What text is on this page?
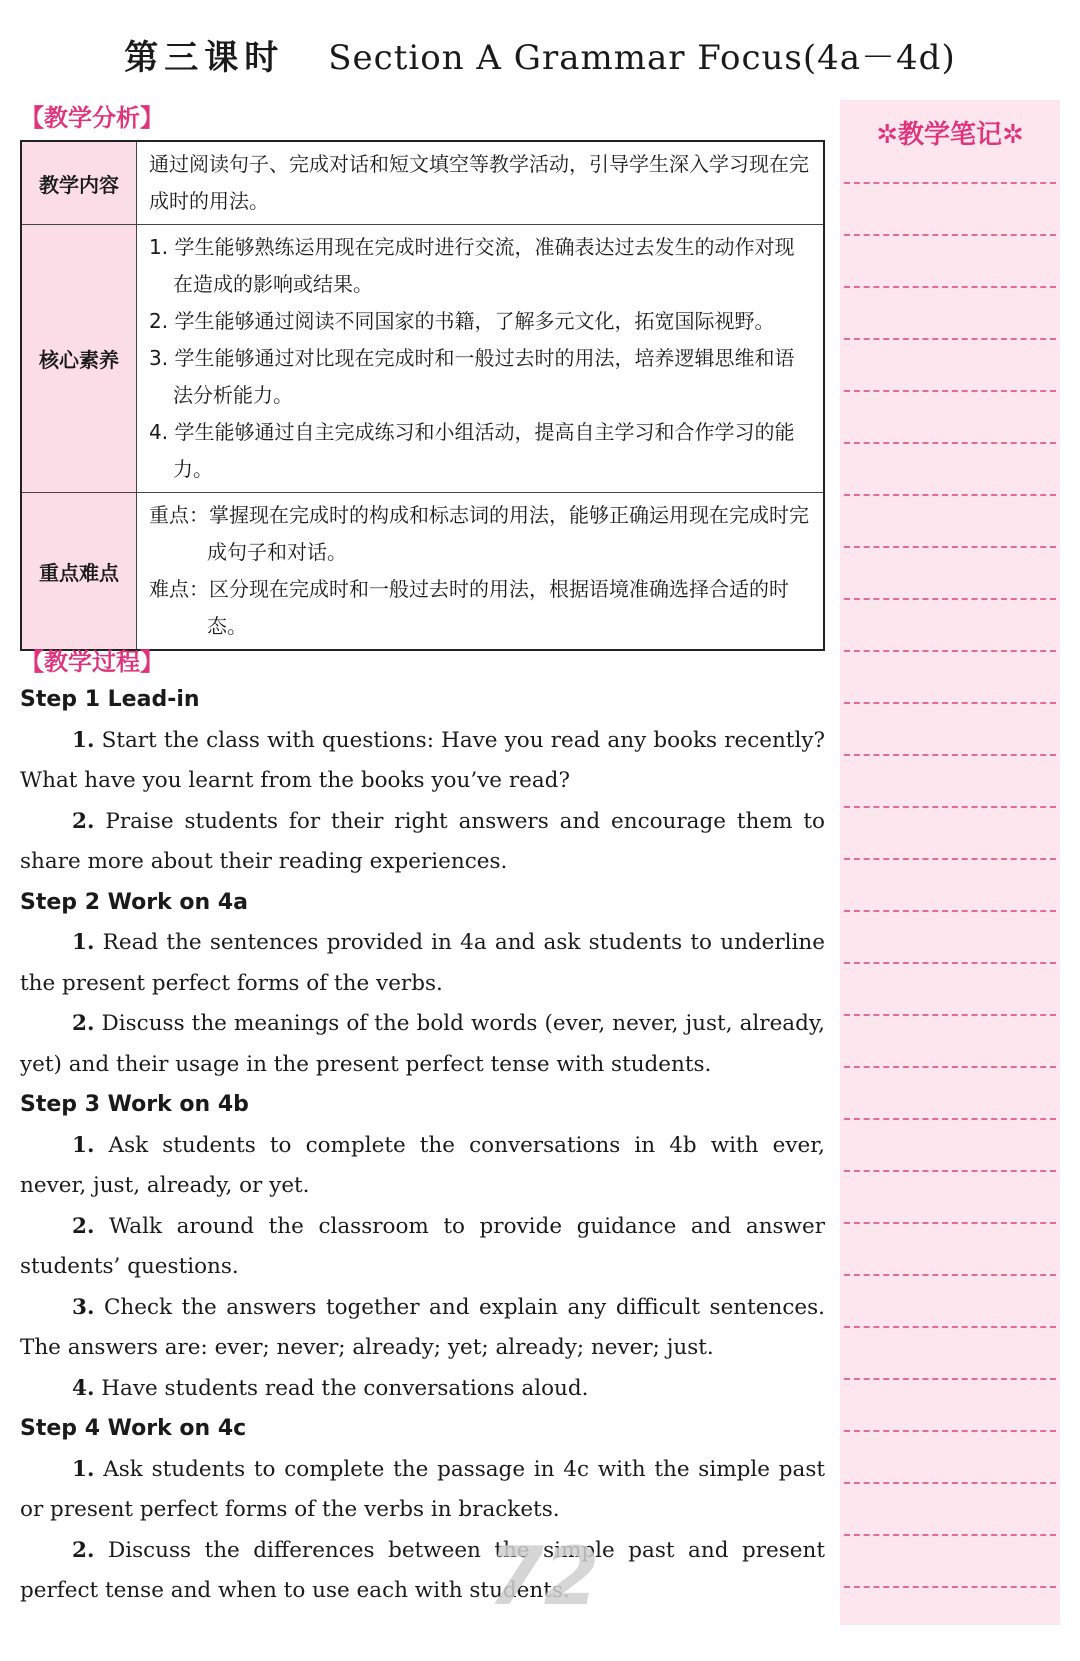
第三课时 Section A Grammar Focus(4a－4d)
【教学分析】
教学内容	通过阅读句子、完成对话和短文填空等教学活动，引导学生深入学习现在完成时的用法。

核心素养	1. 学生能够熟练运用现在完成时进行交流，准确表达过去发生的动作对现在造成的影响或结果。
2. 学生能够通过阅读不同国家的书籍，了解多元文化，拓宽国际视野。
3. 学生能够通过对比现在完成时和一般过去时的用法，培养逻辑思维和语法分析能力。
4. 学生能够通过自主完成练习和小组活动，提高自主学习和合作学习的能力。

重点难点	重点：掌握现在完成时的构成和标志词的用法，能够正确运用现在完成时完成句子和对话。
难点：区分现在完成时和一般过去时的用法，根据语境准确选择合适的时态。
【教学过程】
Step 1 Lead-in

1. Start the class with questions: Have you read any books recently? What have you learnt from the books you’ve read?

2. Praise students for their right answers and encourage them to share more about their reading experiences.

Step 2 Work on 4a

1. Read the sentences provided in 4a and ask students to underline the present perfect forms of the verbs.

2. Discuss the meanings of the bold words (ever, never, just, already, yet) and their usage in the present perfect tense with students.

Step 3 Work on 4b

1. Ask students to complete the conversations in 4b with ever, never, just, already, or yet.

2. Walk around the classroom to provide guidance and answer students’ questions.

3. Check the answers together and explain any difficult sentences. The answers are: ever; never; already; yet; already; never; just.

4. Have students read the conversations aloud.

Step 4 Work on 4c

1. Ask students to complete the passage in 4c with the simple past or present perfect forms of the verbs in brackets.

2. Discuss the differences between the simple past and present perfect tense and when to use each with students.

✲教学笔记✲
72
